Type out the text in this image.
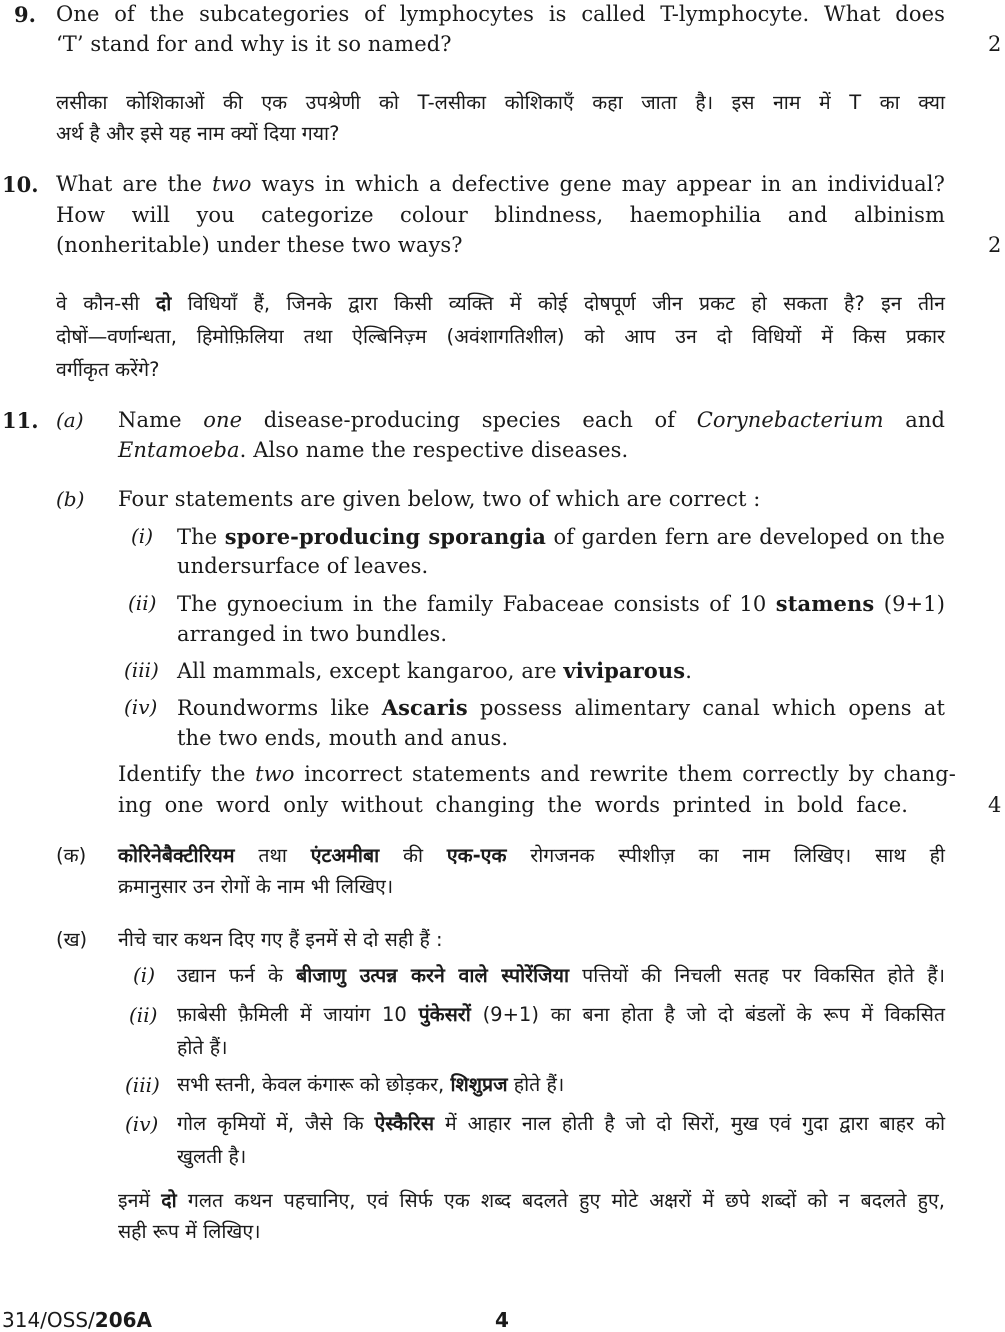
9. One of the subcategories of lymphocytes is called T-lymphocyte. What does
‘T’ stand for and why is it so named?	2
लसीका कोशिकाओं की एक उपश्रेणी को T-लसीका कोशिकाएँ कहा जाता है। इस नाम में T का क्या
अर्थ है और इसे यह नाम क्यों दिया गया?
10. What are the two ways in which a defective gene may appear in an individual?
How will you categorize colour blindness, haemophilia and albinism
(nonheritable) under these two ways?	2
वे कौन-सी दो विधियाँ हैं, जिनके द्वारा किसी व्यक्ति में कोई दोषपूर्ण जीन प्रकट हो सकता है? इन तीन
दोषों—वर्णान्धता, हिमोफ़िलिया तथा ऐल्बिनिज़्म (अवंशागतिशील) को आप उन दो विधियों में किस प्रकार
वर्गीकृत करेंगे?
11. (a) Name one disease-producing species each of Corynebacterium and
Entamoeba. Also name the respective diseases.
(b) Four statements are given below, two of which are correct :
(i) The spore-producing sporangia of garden fern are developed on the
undersurface of leaves.
(ii) The gynoecium in the family Fabaceae consists of 10 stamens (9+1)
arranged in two bundles.
(iii) All mammals, except kangaroo, are viviparous.
(iv) Roundworms like Ascaris possess alimentary canal which opens at
the two ends, mouth and anus.
Identify the two incorrect statements and rewrite them correctly by chang-
ing one word only without changing the words printed in bold face.	4
(क) कोरिनेबैक्टीरियम तथा एंटअमीबा की एक-एक रोगजनक स्पीशीज़ का नाम लिखिए। साथ ही
क्रमानुसार उन रोगों के नाम भी लिखिए।
(ख) नीचे चार कथन दिए गए हैं इनमें से दो सही हैं :
(i) उद्यान फर्न के बीजाणु उत्पन्न करने वाले स्पोरेंजिया पत्तियों की निचली सतह पर विकसित होते हैं।
(ii) फ़ाबेसी फ़ैमिली में जायांग 10 पुंकेसरों (9+1) का बना होता है जो दो बंडलों के रूप में विकसित
होते हैं।
(iii) सभी स्तनी, केवल कंगारू को छोड़कर, शिशुप्रज होते हैं।
(iv) गोल कृमियों में, जैसे कि ऐस्कैरिस में आहार नाल होती है जो दो सिरों, मुख एवं गुदा द्वारा बाहर को
खुलती है।
इनमें दो गलत कथन पहचानिए, एवं सिर्फ एक शब्द बदलते हुए मोटे अक्षरों में छपे शब्दों को न बदलते हुए,
सही रूप में लिखिए।
314/OSS/206A	4
